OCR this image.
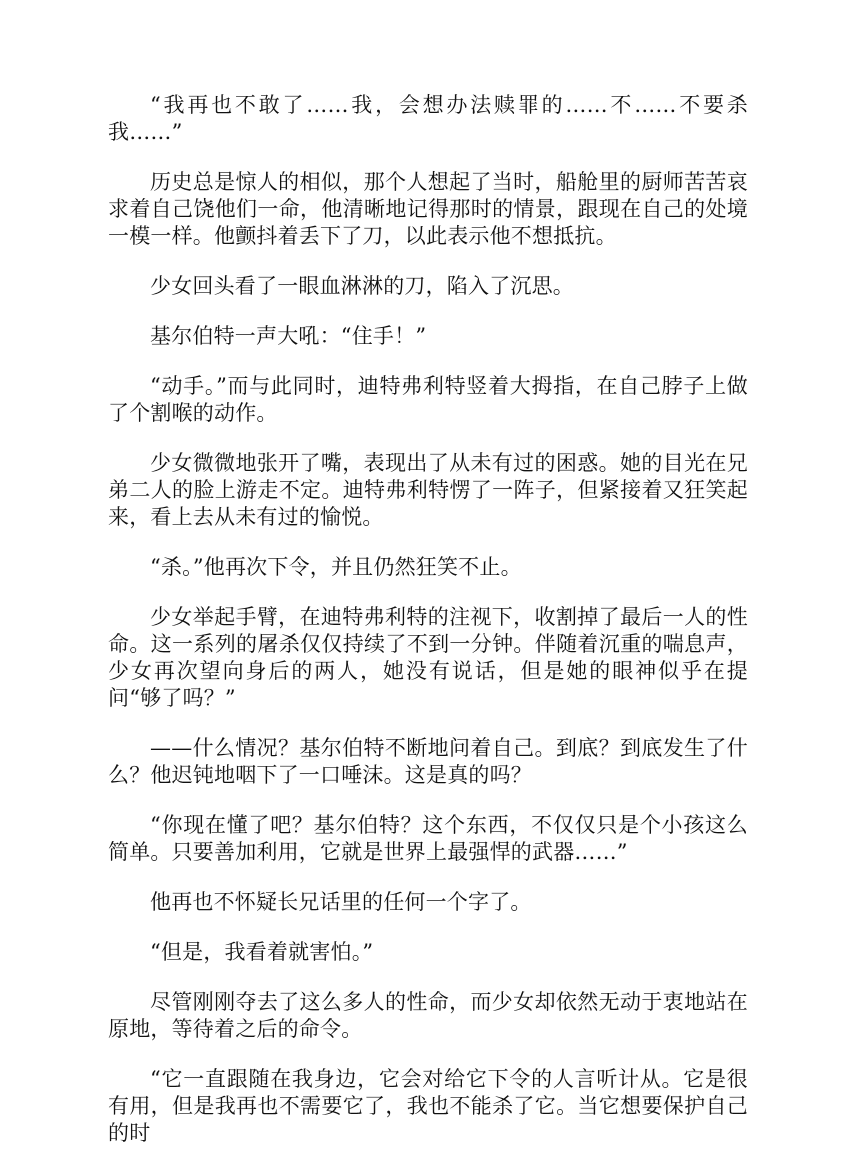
“我再也不敢了……我，会想办法赎罪的……不……不要杀我……”

历史总是惊人的相似，那个人想起了当时，船舱里的厨师苦苦哀求着自己饶他们一命，他清晰地记得那时的情景，跟现在自己的处境一模一样。他颤抖着丢下了刀，以此表示他不想抵抗。

少女回头看了一眼血淋淋的刀，陷入了沉思。

基尔伯特一声大吼：“住手！”

“动手。”而与此同时，迪特弗利特竖着大拇指，在自己脖子上做了个割喉的动作。

少女微微地张开了嘴，表现出了从未有过的困惑。她的目光在兄弟二人的脸上游走不定。迪特弗利特愣了一阵子，但紧接着又狂笑起来，看上去从未有过的愉悦。

“杀。”他再次下令，并且仍然狂笑不止。

少女举起手臂，在迪特弗利特的注视下，收割掉了最后一人的性命。这一系列的屠杀仅仅持续了不到一分钟。伴随着沉重的喘息声，少女再次望向身后的两人，她没有说话，但是她的眼神似乎在提问“够了吗？”

——什么情况？基尔伯特不断地问着自己。到底？到底发生了什么？他迟钝地咽下了一口唾沫。这是真的吗？

“你现在懂了吧？基尔伯特？这个东西，不仅仅只是个小孩这么简单。只要善加利用，它就是世界上最强悍的武器……”

他再也不怀疑长兄话里的任何一个字了。

“但是，我看着就害怕。”

尽管刚刚夺去了这么多人的性命，而少女却依然无动于衷地站在原地，等待着之后的命令。

“它一直跟随在我身边，它会对给它下令的人言听计从。它是很有用，但是我再也不需要它了，我也不能杀了它。当它想要保护自己的时
